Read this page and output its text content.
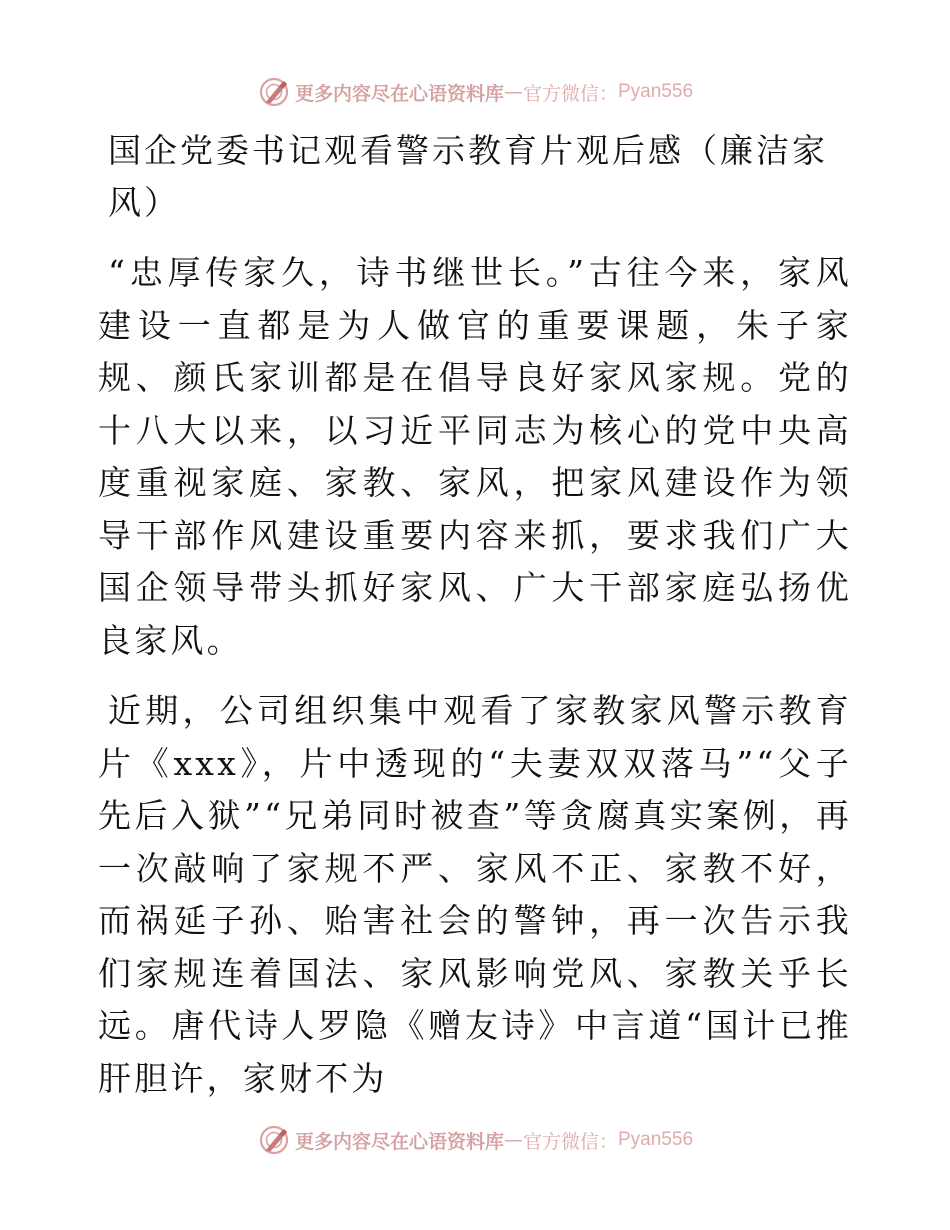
更多内容尽在心语资料库 — 官方微信： Pyan556
国企党委书记观看警示教育片观后感（廉洁家风）

“忠厚传家久，诗书继世长。”古往今来，家风建设一直都是为人做官的重要课题，朱子家规、颜氏家训都是在倡导良好家风家规。党的十八大以来，以习近平同志为核心的党中央高度重视家庭、家教、家风，把家风建设作为领导干部作风建设重要内容来抓，要求我们广大国企领导带头抓好家风、广大干部家庭弘扬优良家风。

近期，公司组织集中观看了家教家风警示教育片《xxx》，片中透现的“夫妻双双落马”“父子先后入狱”“兄弟同时被查”等贪腐真实案例，再一次敲响了家规不严、家风不正、家教不好，而祸延子孙、贻害社会的警钟，再一次告示我们家规连着国法、家风影响党风、家教关乎长远。唐代诗人罗隐《赠友诗》中言道“国计已推肝胆许，家财不为

更多内容尽在心语资料库 — 官方微信： Pyan556
